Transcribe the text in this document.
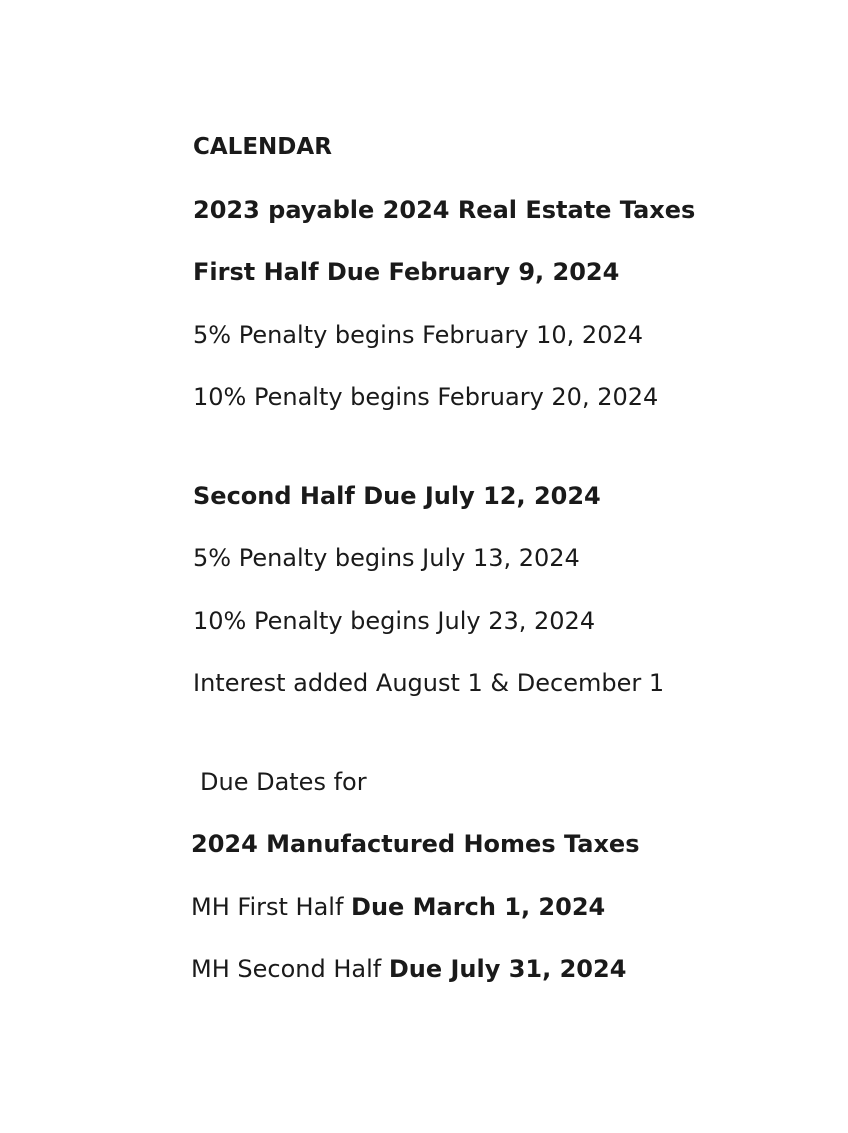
CALENDAR
2023 payable 2024 Real Estate Taxes
First Half Due February 9, 2024
5% Penalty begins February 10, 2024
10% Penalty begins February 20, 2024
Second Half Due July 12, 2024
5% Penalty begins July 13, 2024
10% Penalty begins July 23, 2024
Interest added August 1 & December 1
Due Dates for
2024 Manufactured Homes Taxes
MH First Half Due March 1, 2024
MH Second Half Due July 31, 2024
